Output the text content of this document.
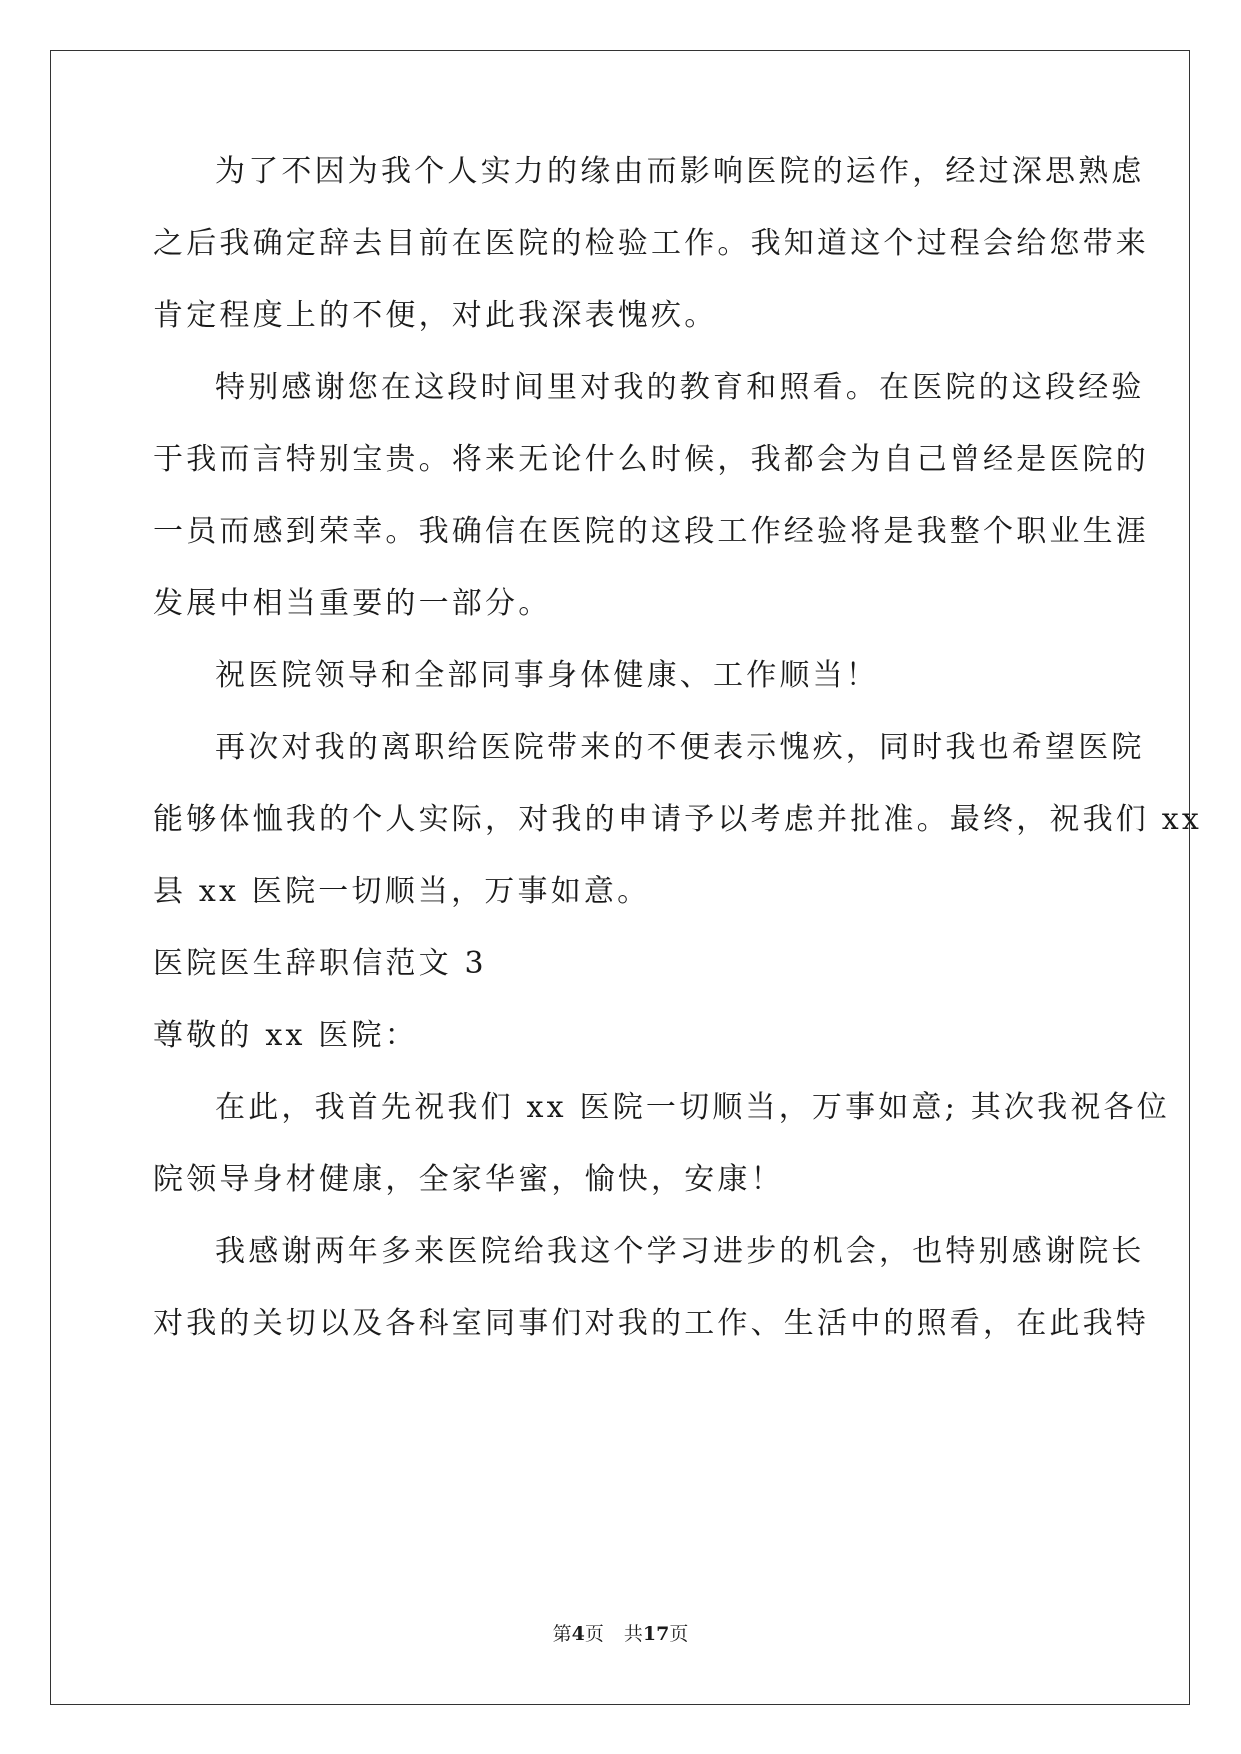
为了不因为我个人实力的缘由而影响医院的运作，经过深思熟虑
之后我确定辞去目前在医院的检验工作。我知道这个过程会给您带来
肯定程度上的不便，对此我深表愧疚。
特别感谢您在这段时间里对我的教育和照看。在医院的这段经验
于我而言特别宝贵。将来无论什么时候，我都会为自己曾经是医院的
一员而感到荣幸。我确信在医院的这段工作经验将是我整个职业生涯
发展中相当重要的一部分。
祝医院领导和全部同事身体健康、工作顺当！
再次对我的离职给医院带来的不便表示愧疚，同时我也希望医院
能够体恤我的个人实际，对我的申请予以考虑并批准。最终，祝我们 xx
县 xx 医院一切顺当，万事如意。
医院医生辞职信范文 3
尊敬的 xx 医院：
在此，我首先祝我们 xx 医院一切顺当，万事如意; 其次我祝各位
院领导身材健康，全家华蜜，愉快，安康！
我感谢两年多来医院给我这个学习进步的机会，也特别感谢院长
对我的关切以及各科室同事们对我的工作、生活中的照看，在此我特
第4页 共17页
